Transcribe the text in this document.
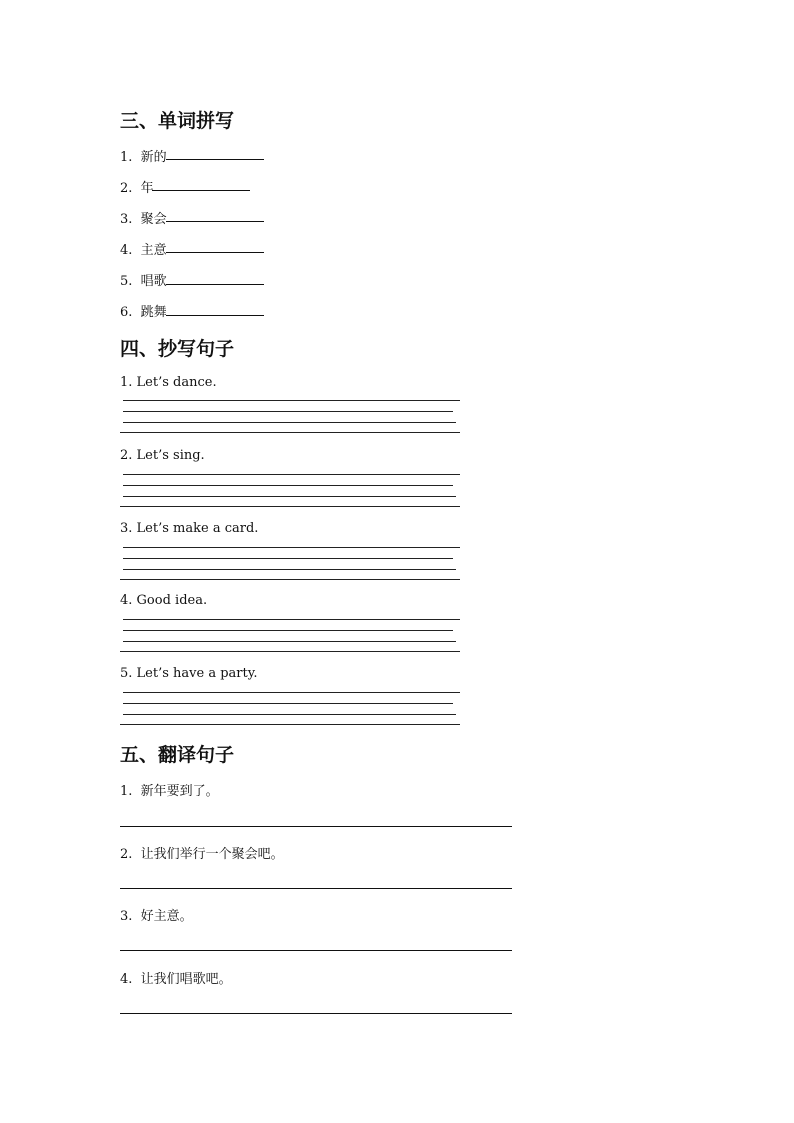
三、单词拼写
1. 新的
2. 年
3. 聚会
4. 主意
5. 唱歌
6. 跳舞
四、抄写句子
1. Let’s dance.
2. Let’s sing.
3. Let’s make a card.
4. Good idea.
5. Let’s have a party.
五、翻译句子
1. 新年要到了。
2. 让我们举行一个聚会吧。
3. 好主意。
4. 让我们唱歌吧。
